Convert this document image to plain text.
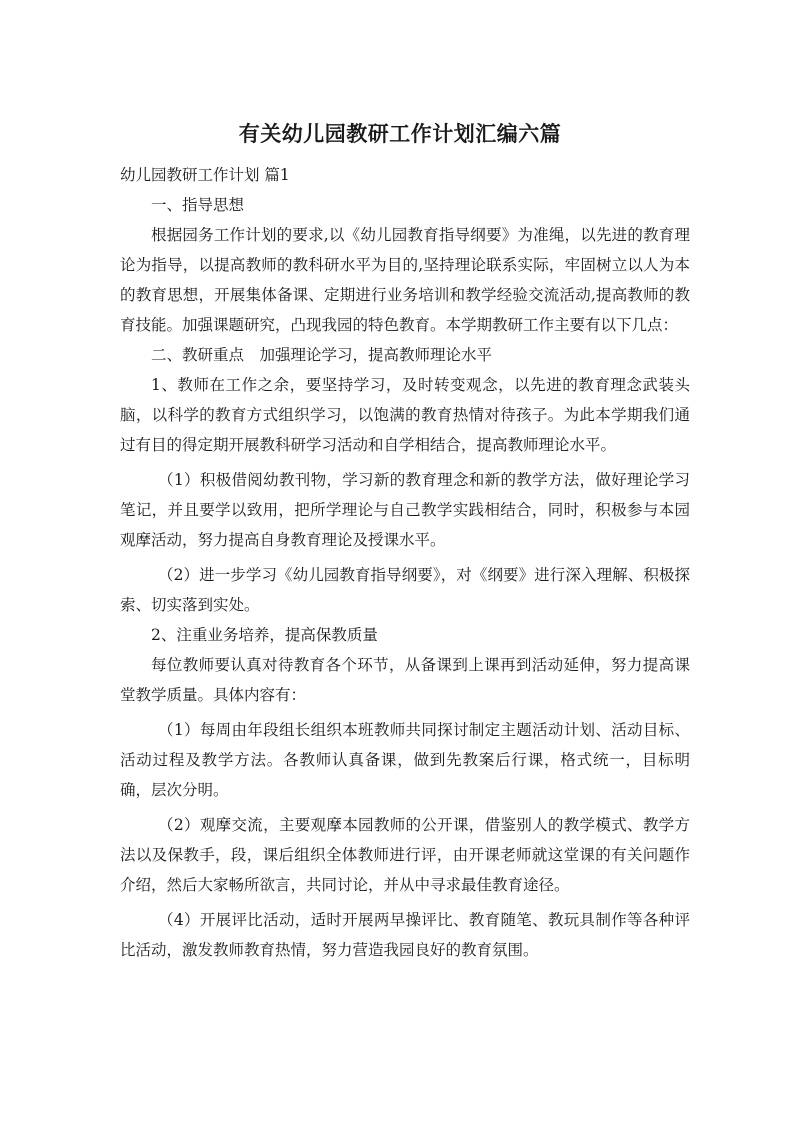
有关幼儿园教研工作计划汇编六篇

幼儿园教研工作计划 篇1

一、指导思想

根据园务工作计划的要求,以《幼儿园教育指导纲要》为准绳，以先进的教育理论为指导，以提高教师的教科研水平为目的,坚持理论联系实际，牢固树立以人为本的教育思想，开展集体备课、定期进行业务培训和教学经验交流活动,提高教师的教育技能。加强课题研究，凸现我园的特色教育。本学期教研工作主要有以下几点：

二、教研重点　加强理论学习，提高教师理论水平

1、教师在工作之余，要坚持学习，及时转变观念，以先进的教育理念武装头脑，以科学的教育方式组织学习，以饱满的教育热情对待孩子。为此本学期我们通过有目的得定期开展教科研学习活动和自学相结合，提高教师理论水平。

（1）积极借阅幼教刊物，学习新的教育理念和新的教学方法，做好理论学习笔记，并且要学以致用，把所学理论与自己教学实践相结合，同时，积极参与本园观摩活动，努力提高自身教育理论及授课水平。

（2）进一步学习《幼儿园教育指导纲要》，对《纲要》进行深入理解、积极探索、切实落到实处。

2、注重业务培养，提高保教质量

每位教师要认真对待教育各个环节，从备课到上课再到活动延伸，努力提高课堂教学质量。具体内容有：

（1）每周由年段组长组织本班教师共同探讨制定主题活动计划、活动目标、活动过程及教学方法。各教师认真备课，做到先教案后行课，格式统一，目标明确，层次分明。

（2）观摩交流，主要观摩本园教师的公开课，借鉴别人的教学模式、教学方法以及保教手，段，课后组织全体教师进行评，由开课老师就这堂课的有关问题作介绍，然后大家畅所欲言，共同讨论，并从中寻求最佳教育途径。

（4）开展评比活动，适时开展两早操评比、教育随笔、教玩具制作等各种评比活动，激发教师教育热情，努力营造我园良好的教育氛围。
